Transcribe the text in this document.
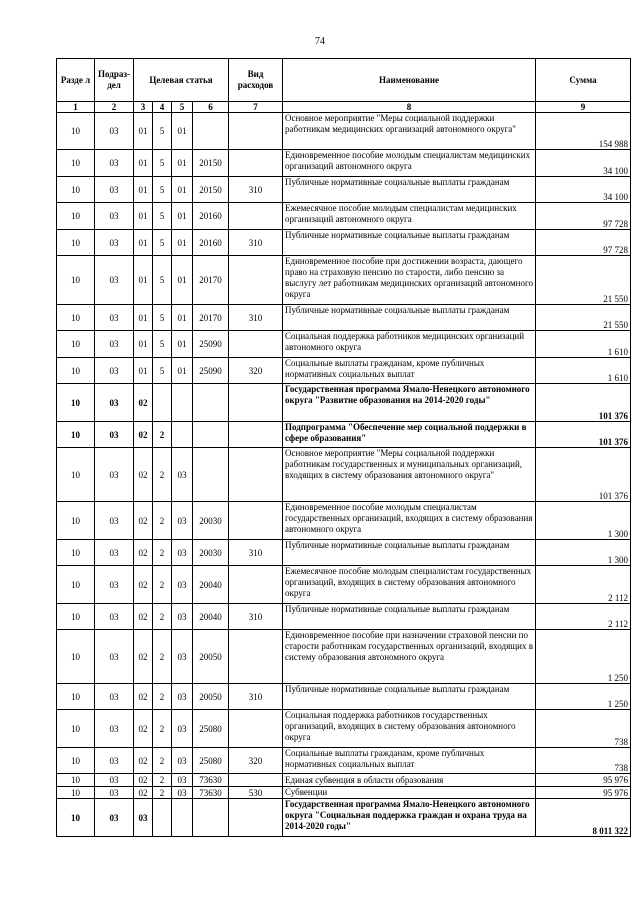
74
Разде л	Подраз-дел	Целевая статья				Вид расходов	Наименование	Сумма
1	2	3	4	5	6	7	8	9
10	03	01	5	01			Основное мероприятие "Меры социальной поддержки работникам медицинских организаций автономного округа"	154 988
10	03	01	5	01	20150		Единовременное пособие молодым специалистам медицинских организаций автономного округа	34 100
10	03	01	5	01	20150	310	Публичные нормативные социальные выплаты гражданам	34 100
10	03	01	5	01	20160		Ежемесячное пособие молодым специалистам медицинских организаций автономного округа	97 728
10	03	01	5	01	20160	310	Публичные нормативные социальные выплаты гражданам	97 728
10	03	01	5	01	20170		Единовременное пособие при достижении возраста, дающего право на страховую пенсию по старости, либо пенсию за выслугу лет работникам медицинских организаций автономного округа	21 550
10	03	01	5	01	20170	310	Публичные нормативные социальные выплаты гражданам	21 550
10	03	01	5	01	25090		Социальная поддержка работников медицинских организаций автономного округа	1 610
10	03	01	5	01	25090	320	Социальные выплаты гражданам, кроме публичных нормативных социальных выплат	1 610
10	03	02					Государственная программа Ямало-Ненецкого автономного округа "Развитие образования на 2014-2020 годы"	101 376
10	03	02	2				Подпрограмма "Обеспечение мер социальной поддержки в сфере образования"	101 376
10	03	02	2	03			Основное мероприятие "Меры социальной поддержки работникам государственных и муниципальных организаций, входящих в систему образования автономного округа"	101 376
10	03	02	2	03	20030		Единовременное пособие молодым специалистам государственных организаций, входящих в систему образования автономного округа	1 300
10	03	02	2	03	20030	310	Публичные нормативные социальные выплаты гражданам	1 300
10	03	02	2	03	20040		Ежемесячное пособие молодым специалистам государственных организаций, входящих в систему образования автономного округа	2 112
10	03	02	2	03	20040	310	Публичные нормативные социальные выплаты гражданам	2 112
10	03	02	2	03	20050		Единовременное пособие при назначении страховой пенсии по старости работникам государственных организаций, входящих в систему образования автономного округа	1 250
10	03	02	2	03	20050	310	Публичные нормативные социальные выплаты гражданам	1 250
10	03	02	2	03	25080		Социальная поддержка работников государственных организаций, входящих в систему образования автономного округа	738
10	03	02	2	03	25080	320	Социальные выплаты гражданам, кроме публичных нормативных социальных выплат	738
10	03	02	2	03	73630		Единая субвенция в области образования	95 976
10	03	02	2	03	73630	530	Субвенции	95 976
10	03	03					Государственная программа Ямало-Ненецкого автономного округа "Социальная поддержка граждан и охрана труда на 2014-2020 годы"	8 011 322
